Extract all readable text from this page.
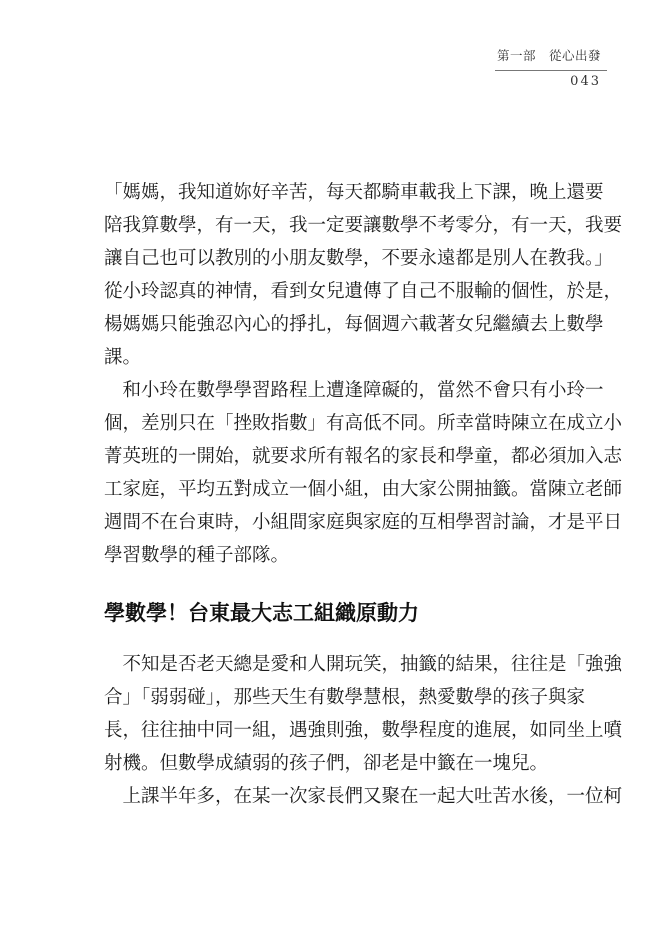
第一部　從心出發
043
「媽媽，我知道妳好辛苦，每天都騎車載我上下課，晚上還要
陪我算數學，有一天，我一定要讓數學不考零分，有一天，我要
讓自己也可以教別的小朋友數學，不要永遠都是別人在教我。」
從小玲認真的神情，看到女兒遺傳了自己不服輸的個性，於是，
楊媽媽只能強忍內心的掙扎，每個週六載著女兒繼續去上數學
課。
　和小玲在數學學習路程上遭逢障礙的，當然不會只有小玲一
個，差別只在「挫敗指數」有高低不同。所幸當時陳立在成立小
菁英班的一開始，就要求所有報名的家長和學童，都必須加入志
工家庭，平均五對成立一個小組，由大家公開抽籤。當陳立老師
週間不在台東時，小組間家庭與家庭的互相學習討論，才是平日
學習數學的種子部隊。
學數學！台東最大志工組織原動力
　不知是否老天總是愛和人開玩笑，抽籤的結果，往往是「強強
合」「弱弱碰」，那些天生有數學慧根，熱愛數學的孩子與家
長，往往抽中同一組，遇強則強，數學程度的進展，如同坐上噴
射機。但數學成績弱的孩子們，卻老是中籤在一塊兒。
　上課半年多，在某一次家長們又聚在一起大吐苦水後，一位柯
